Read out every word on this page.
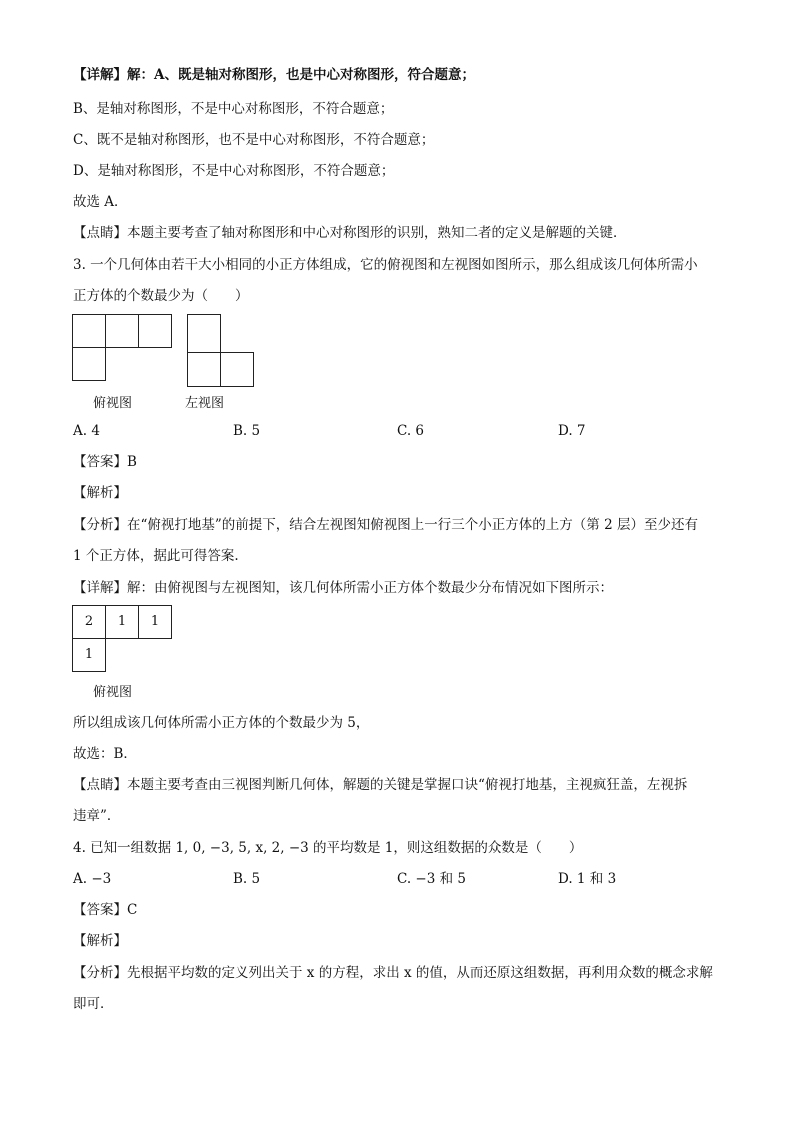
【详解】解：A、既是轴对称图形，也是中心对称图形，符合题意；
B、是轴对称图形，不是中心对称图形，不符合题意；
C、既不是轴对称图形，也不是中心对称图形，不符合题意；
D、是轴对称图形，不是中心对称图形，不符合题意；
故选 A．
【点睛】本题主要考查了轴对称图形和中心对称图形的识别，熟知二者的定义是解题的关键．
3. 一个几何体由若干大小相同的小正方体组成，它的俯视图和左视图如图所示，那么组成该几何体所需小
正方体的个数最少为（　　）
俯视图	左视图
A. 4	B. 5	C. 6	D. 7
【答案】B
【解析】
【分析】在“俯视打地基”的前提下，结合左视图知俯视图上一行三个小正方体的上方（第 2 层）至少还有
1 个正方体，据此可得答案.
【详解】解：由俯视图与左视图知，该几何体所需小正方体个数最少分布情况如下图所示：
2	1	1
1
俯视图
所以组成该几何体所需小正方体的个数最少为 5，
故选：B．
【点睛】本题主要考查由三视图判断几何体，解题的关键是掌握口诀“俯视打地基，主视疯狂盖，左视拆
违章”．
4. 已知一组数据 1, 0, −3, 5, x, 2, −3 的平均数是 1，则这组数据的众数是（　　）
A. −3	B. 5	C. −3 和 5	D. 1 和 3
【答案】C
【解析】
【分析】先根据平均数的定义列出关于 x 的方程，求出 x 的值，从而还原这组数据，再利用众数的概念求解
即可．
